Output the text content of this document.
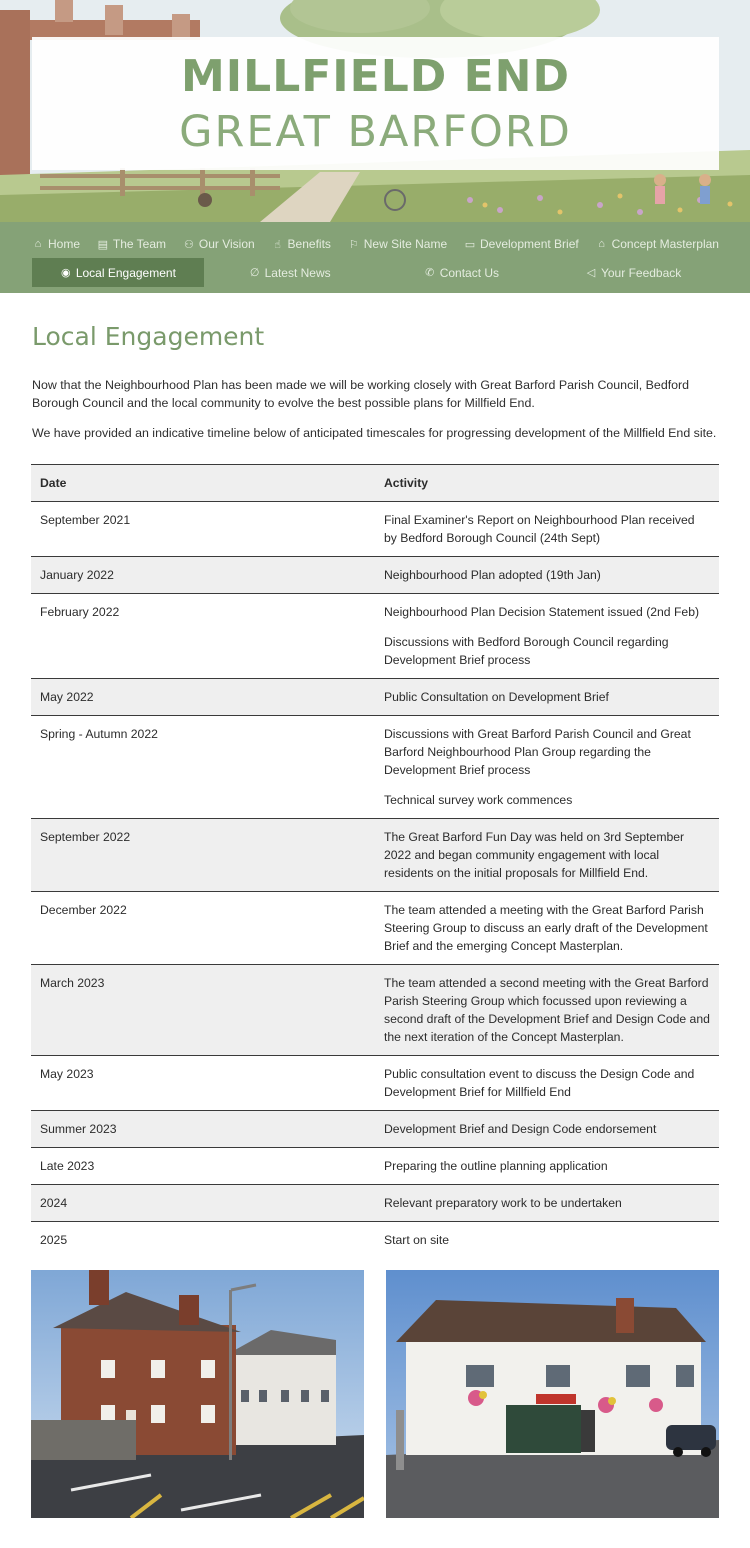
MILLFIELD END
GREAT BARFORD
⌂ Home ▤ The Team ⚇ Our Vision ☝ Benefits ⚐ New Site Name ▭ Development Brief ⌂ Concept Masterplan
◉ Local Engagement	∅ Latest News	✆ Contact Us	◁ Your Feedback
Local Engagement

Now that the Neighbourhood Plan has been made we will be working closely with Great Barford Parish Council, Bedford Borough Council and the local community to evolve the best possible plans for Millfield End.

We have provided an indicative timeline below of anticipated timescales for progressing development of the Millfield End site.

Date	Activity
September 2021	Final Examiner's Report on Neighbourhood Plan received by Bedford Borough Council (24th Sept)

January 2022	Neighbourhood Plan adopted (19th Jan)

February 2022	Neighbourhood Plan Decision Statement issued (2nd Feb)

Discussions with Bedford Borough Council regarding Development Brief process

May 2022	Public Consultation on Development Brief

Spring - Autumn 2022	Discussions with Great Barford Parish Council and Great Barford Neighbourhood Plan Group regarding the Development Brief process

Technical survey work commences

September 2022	The Great Barford Fun Day was held on 3rd September 2022 and began community engagement with local residents on the initial proposals for Millfield End.

December 2022	The team attended a meeting with the Great Barford Parish Steering Group to discuss an early draft of the Development Brief and the emerging Concept Masterplan.

March 2023	The team attended a second meeting with the Great Barford Parish Steering Group which focussed upon reviewing a second draft of the Development Brief and Design Code and the next iteration of the Concept Masterplan.

May 2023	Public consultation event to discuss the Design Code and Development Brief for Millfield End

Summer 2023	Development Brief and Design Code endorsement

Late 2023	Preparing the outline planning application

2024	Relevant preparatory work to be undertaken

2025	Start on site
